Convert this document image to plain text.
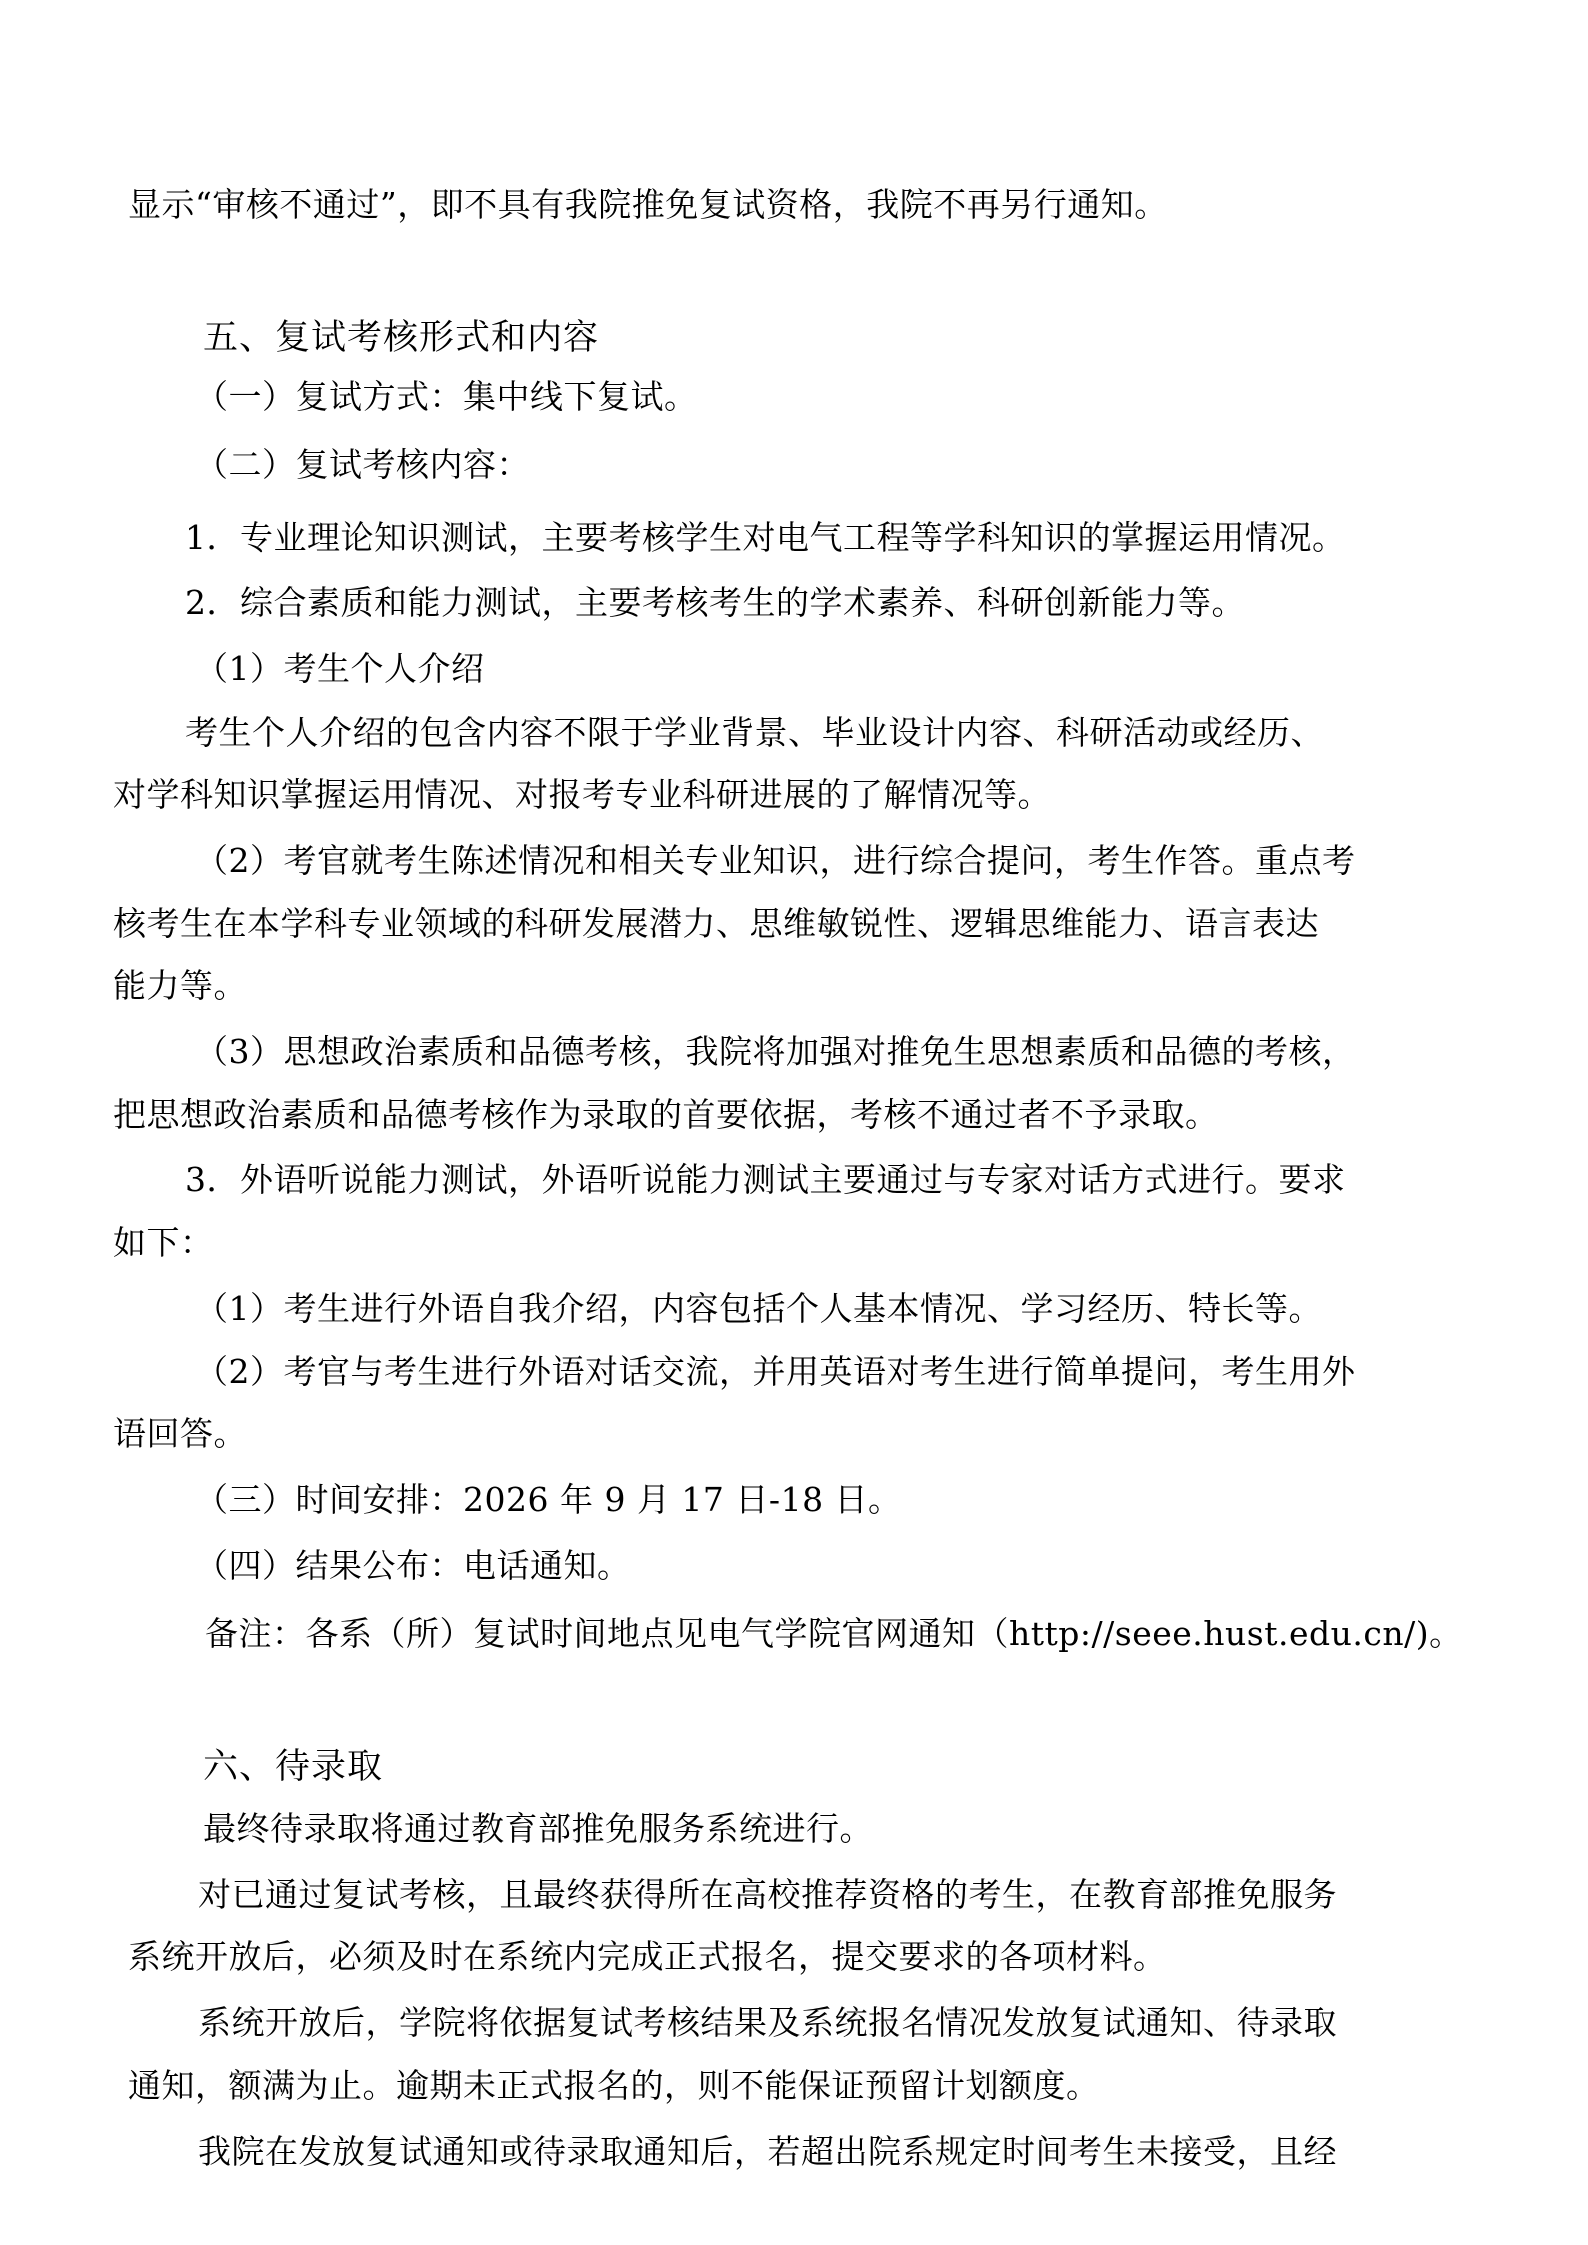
显示“审核不通过”，即不具有我院推免复试资格，我院不再另行通知。
五、复试考核形式和内容
（一）复试方式：集中线下复试。
（二）复试考核内容：
1．专业理论知识测试，主要考核学生对电气工程等学科知识的掌握运用情况。
2．综合素质和能力测试，主要考核考生的学术素养、科研创新能力等。
（1）考生个人介绍
考生个人介绍的包含内容不限于学业背景、毕业设计内容、科研活动或经历、
对学科知识掌握运用情况、对报考专业科研进展的了解情况等。
（2）考官就考生陈述情况和相关专业知识，进行综合提问，考生作答。重点考
核考生在本学科专业领域的科研发展潜力、思维敏锐性、逻辑思维能力、语言表达
能力等。
（3）思想政治素质和品德考核，我院将加强对推免生思想素质和品德的考核，
把思想政治素质和品德考核作为录取的首要依据，考核不通过者不予录取。
3．外语听说能力测试，外语听说能力测试主要通过与专家对话方式进行。要求
如下：
（1）考生进行外语自我介绍，内容包括个人基本情况、学习经历、特长等。
（2）考官与考生进行外语对话交流，并用英语对考生进行简单提问，考生用外
语回答。
（三）时间安排：2026 年 9 月 17 日-18 日。
（四）结果公布：电话通知。
备注：各系（所）复试时间地点见电气学院官网通知（http://seee.hust.edu.cn/)。
六、待录取
最终待录取将通过教育部推免服务系统进行。
对已通过复试考核，且最终获得所在高校推荐资格的考生，在教育部推免服务
系统开放后，必须及时在系统内完成正式报名，提交要求的各项材料。
系统开放后，学院将依据复试考核结果及系统报名情况发放复试通知、待录取
通知，额满为止。逾期未正式报名的，则不能保证预留计划额度。
我院在发放复试通知或待录取通知后，若超出院系规定时间考生未接受，且经
